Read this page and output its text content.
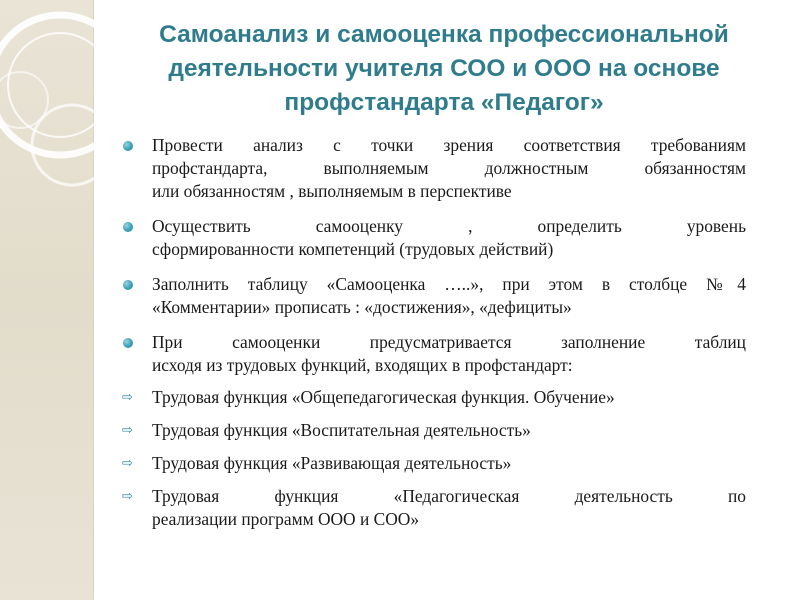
Самоанализ и самооценка профессиональной
деятельности учителя СОО и ООО на основе
профстандарта «Педагог»
Провести анализ с точки зрения соответствия требованиям
профстандарта, выполняемым должностным обязанностям
или обязанностям , выполняемым в перспективе
Осуществить самооценку , определить уровень
сформированности компетенций (трудовых действий)
Заполнить таблицу «Самооценка …..», при этом в столбце №4
«Комментарии» прописать : «достижения», «дефициты»
При самооценки предусматривается заполнение таблиц
исходя из трудовых функций, входящих в профстандарт:
⇨ Трудовая функция «Общепедагогическая функция. Обучение»
⇨ Трудовая функция «Воспитательная деятельность»
⇨ Трудовая функция «Развивающая деятельность»
⇨ Трудовая функция «Педагогическая деятельность по
реализации программ ООО и СОО»
